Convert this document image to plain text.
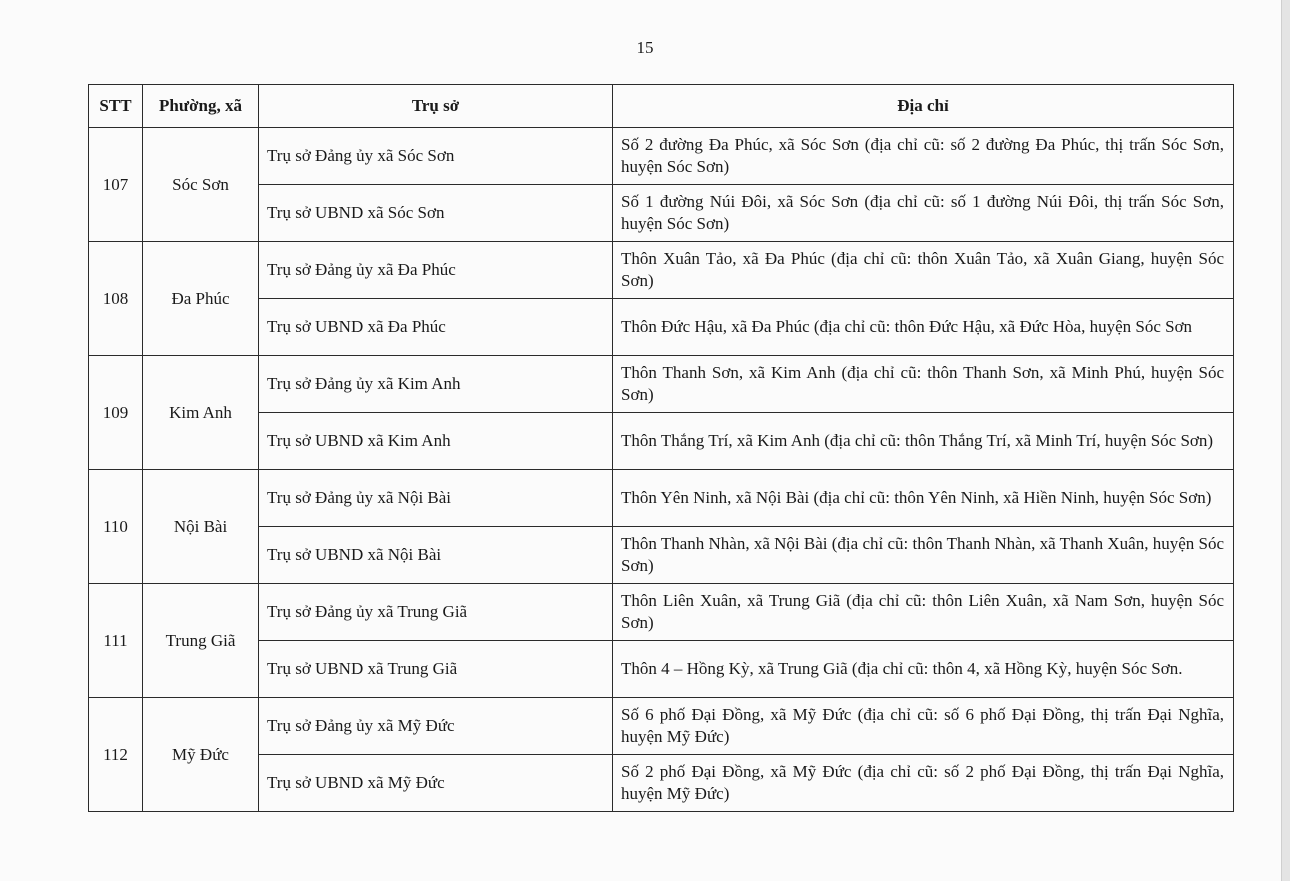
15
STT	Phường, xã	Trụ sở	Địa chỉ
107	Sóc Sơn	Trụ sở Đảng ủy xã Sóc Sơn	Số 2 đường Đa Phúc, xã Sóc Sơn (địa chỉ cũ: số 2 đường Đa Phúc, thị trấn Sóc Sơn, huyện Sóc Sơn)
		Trụ sở UBND xã Sóc Sơn	Số 1 đường Núi Đôi, xã Sóc Sơn (địa chỉ cũ: số 1 đường Núi Đôi, thị trấn Sóc Sơn, huyện Sóc Sơn)
108	Đa Phúc	Trụ sở Đảng ủy xã Đa Phúc	Thôn Xuân Tảo, xã Đa Phúc (địa chỉ cũ: thôn Xuân Tảo, xã Xuân Giang, huyện Sóc Sơn)
		Trụ sở UBND xã Đa Phúc	Thôn Đức Hậu, xã Đa Phúc (địa chỉ cũ: thôn Đức Hậu, xã Đức Hòa, huyện Sóc Sơn
109	Kim Anh	Trụ sở Đảng ủy xã Kim Anh	Thôn Thanh Sơn, xã Kim Anh (địa chỉ cũ: thôn Thanh Sơn, xã Minh Phú, huyện Sóc Sơn)
		Trụ sở UBND xã Kim Anh	Thôn Thắng Trí, xã Kim Anh (địa chỉ cũ: thôn Thắng Trí, xã Minh Trí, huyện Sóc Sơn)
110	Nội Bài	Trụ sở Đảng ủy xã Nội Bài	Thôn Yên Ninh, xã Nội Bài (địa chỉ cũ: thôn Yên Ninh, xã Hiền Ninh, huyện Sóc Sơn)
		Trụ sở UBND xã Nội Bài	Thôn Thanh Nhàn, xã Nội Bài (địa chỉ cũ: thôn Thanh Nhàn, xã Thanh Xuân, huyện Sóc Sơn)
111	Trung Giã	Trụ sở Đảng ủy xã Trung Giã	Thôn Liên Xuân, xã Trung Giã (địa chỉ cũ: thôn Liên Xuân, xã Nam Sơn, huyện Sóc Sơn)
		Trụ sở UBND xã Trung Giã	Thôn 4 – Hồng Kỳ, xã Trung Giã (địa chỉ cũ: thôn 4, xã Hồng Kỳ, huyện Sóc Sơn.
112	Mỹ Đức	Trụ sở Đảng ủy xã Mỹ Đức	Số 6 phố Đại Đồng, xã Mỹ Đức (địa chỉ cũ: số 6 phố Đại Đồng, thị trấn Đại Nghĩa, huyện Mỹ Đức)
		Trụ sở UBND xã Mỹ Đức	Số 2 phố Đại Đồng, xã Mỹ Đức (địa chỉ cũ: số 2 phố Đại Đồng, thị trấn Đại Nghĩa, huyện Mỹ Đức)
